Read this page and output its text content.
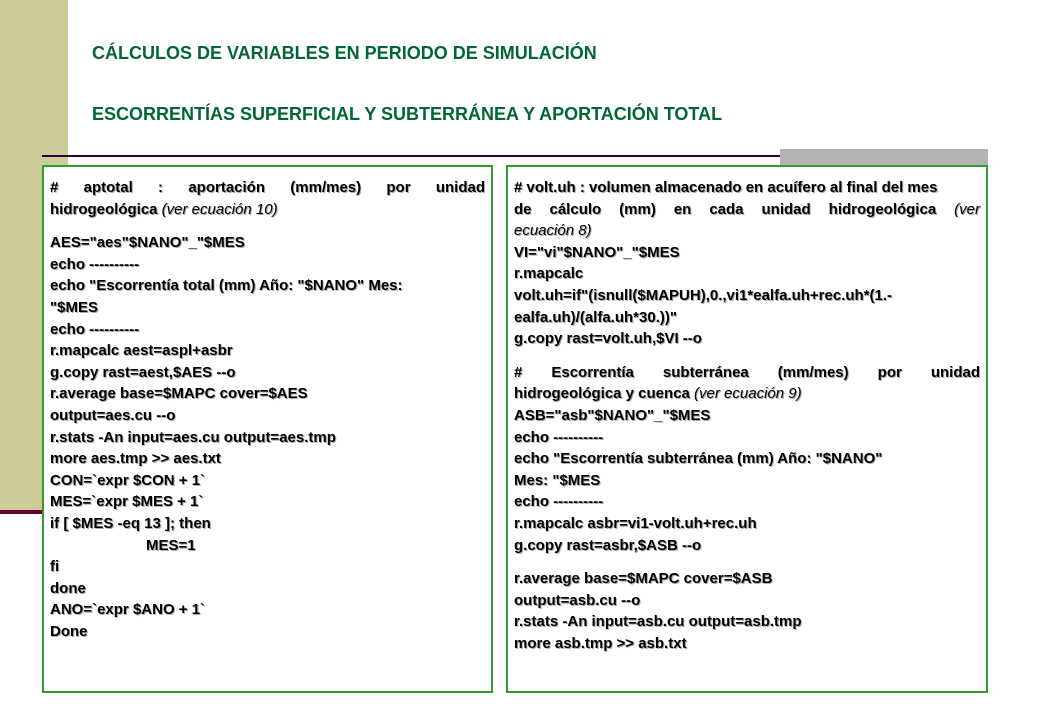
CÁLCULOS DE VARIABLES EN PERIODO DE SIMULACIÓN
ESCORRENTÍAS SUPERFICIAL Y SUBTERRÁNEA Y APORTACIÓN TOTAL
# aptotal : aportación (mm/mes) por unidad
hidrogeológica (ver ecuación 10)
AES="aes"$NANO"_"$MES
echo ----------
echo "Escorrentía total (mm) Año: "$NANO" Mes:
"$MES
echo ----------
r.mapcalc aest=aspl+asbr
g.copy rast=aest,$AES --o
r.average base=$MAPC cover=$AES
output=aes.cu --o
r.stats -An input=aes.cu output=aes.tmp
more aes.tmp >> aes.txt
CON=`expr $CON + 1`
MES=`expr $MES + 1`
if [ $MES -eq 13 ]; then
MES=1
fi
done
ANO=`expr $ANO + 1`
Done
# volt.uh : volumen almacenado en acuífero al final del mes
de cálculo (mm) en cada unidad hidrogeológica (ver
ecuación 8)
VI="vi"$NANO"_"$MES
r.mapcalc
volt.uh=if"(isnull($MAPUH),0.,vi1*ealfa.uh+rec.uh*(1.-
ealfa.uh)/(alfa.uh*30.))"
g.copy rast=volt.uh,$VI --o
# Escorrentía subterránea (mm/mes) por unidad
hidrogeológica y cuenca (ver ecuación 9)
ASB="asb"$NANO"_"$MES
echo ----------
echo "Escorrentía subterránea (mm) Año: "$NANO"
Mes: "$MES
echo ----------
r.mapcalc asbr=vi1-volt.uh+rec.uh
g.copy rast=asbr,$ASB --o
r.average base=$MAPC cover=$ASB
output=asb.cu --o
r.stats -An input=asb.cu output=asb.tmp
more asb.tmp >> asb.txt
